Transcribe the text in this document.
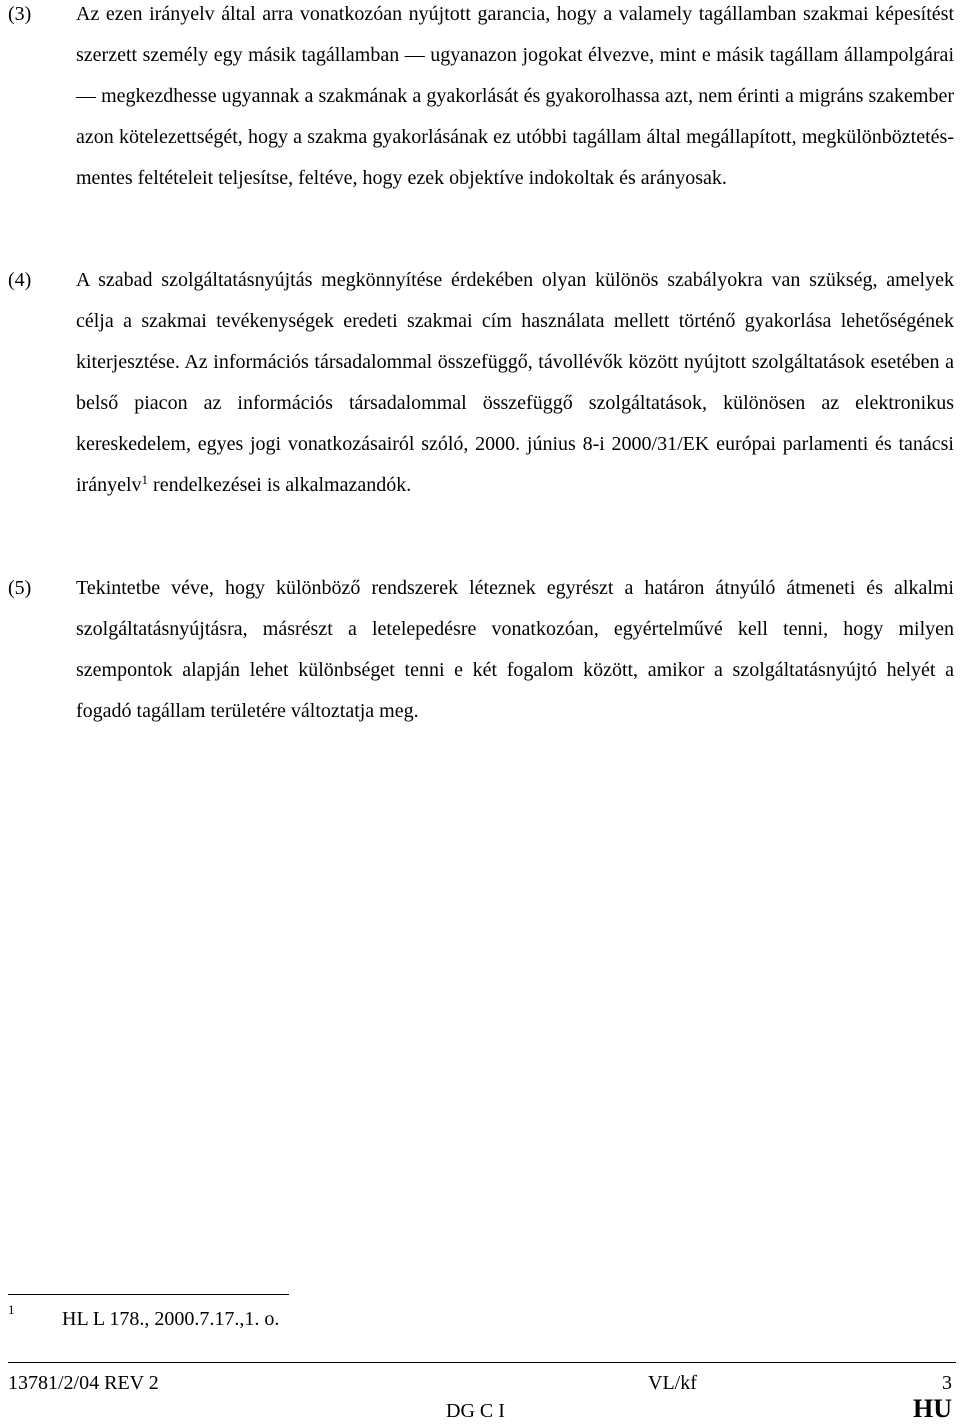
(3) Az ezen irányelv által arra vonatkozóan nyújtott garancia, hogy a valamely tagállamban szakmai képesítést szerzett személy egy másik tagállamban — ugyanazon jogokat élvezve, mint e másik tagállam állampolgárai — megkezdhesse ugyannak a szakmának a gyakorlását és gyakorolhassa azt, nem érinti a migráns szakember azon kötelezettségét, hogy a szakma gyakorlásának ez utóbbi tagállam által megállapított, megkülönböztetés-mentes feltételeit teljesítse, feltéve, hogy ezek objektíve indokoltak és arányosak.
(4) A szabad szolgáltatásnyújtás megkönnyítése érdekében olyan különös szabályokra van szükség, amelyek célja a szakmai tevékenységek eredeti szakmai cím használata mellett történő gyakorlása lehetőségének kiterjesztése. Az információs társadalommal összefüggő, távollévők között nyújtott szolgáltatások esetében a belső piacon az információs társadalommal összefüggő szolgáltatások, különösen az elektronikus kereskedelem, egyes jogi vonatkozásairól szóló, 2000. június 8-i 2000/31/EK európai parlamenti és tanácsi irányelv$^1$ rendelkezései is alkalmazandók.
(5) Tekintetbe véve, hogy különböző rendszerek léteznek egyrészt a határon átnyúló átmeneti és alkalmi szolgáltatásnyújtásra, másrészt a letelepedésre vonatkozóan, egyértelművé kell tenni, hogy milyen szempontok alapján lehet különbséget tenni e két fogalom között, amikor a szolgáltatásnyújtó helyét a fogadó tagállam területére változtatja meg.
1 HL L 178., 2000.7.17.,1. o.
13781/2/04 REV 2	VL/kf	3
DG C I	HU
